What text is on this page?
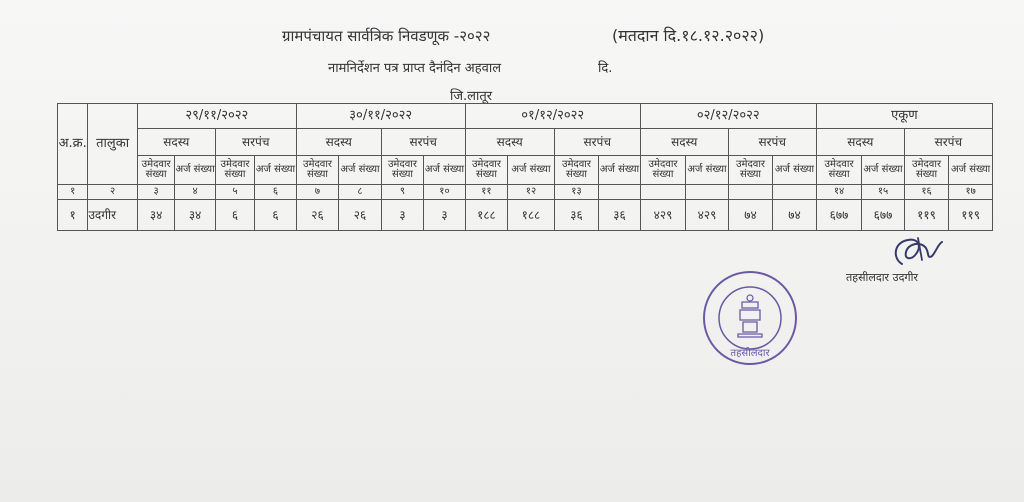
ग्रामपंचायत सार्वत्रिक निवडणूक -२०२२	(मतदान दि.१८.१२.२०२२)
नामनिर्देशन पत्र प्राप्त दैनंदिन अहवाल	दि.
जि.लातूर
अ.क्र.	तालुका	२९/११/२०२२				३०/११/२०२२				०१/१२/२०२२				०२/१२/२०२२				एकूण			
		सदस्य		सरपंच		सदस्य		सरपंच		सदस्य		सरपंच		सदस्य		सरपंच		सदस्य		सरपंच	
		उमेदवार संख्या	अर्ज संख्या	उमेदवार संख्या	अर्ज संख्या	उमेदवार संख्या	अर्ज संख्या	उमेदवार संख्या	अर्ज संख्या	उमेदवार संख्या	अर्ज संख्या	उमेदवार संख्या	अर्ज संख्या	उमेदवार संख्या	अर्ज संख्या	उमेदवार संख्या	अर्ज संख्या	उमेदवार संख्या	अर्ज संख्या	उमेदवार संख्या	अर्ज संख्या
१	२	३	४	५	६	७	८	९	१०	११	१२	१३						१४	१५	१६	१७
१	उदगीर	३४	३४	६	६	२६	२६	३	३	१८८	१८८	३६	३६	४२९	४२९	७४	७४	६७७	६७७	११९	११९
तहसीलदार
तहसीलदार उदगीर
